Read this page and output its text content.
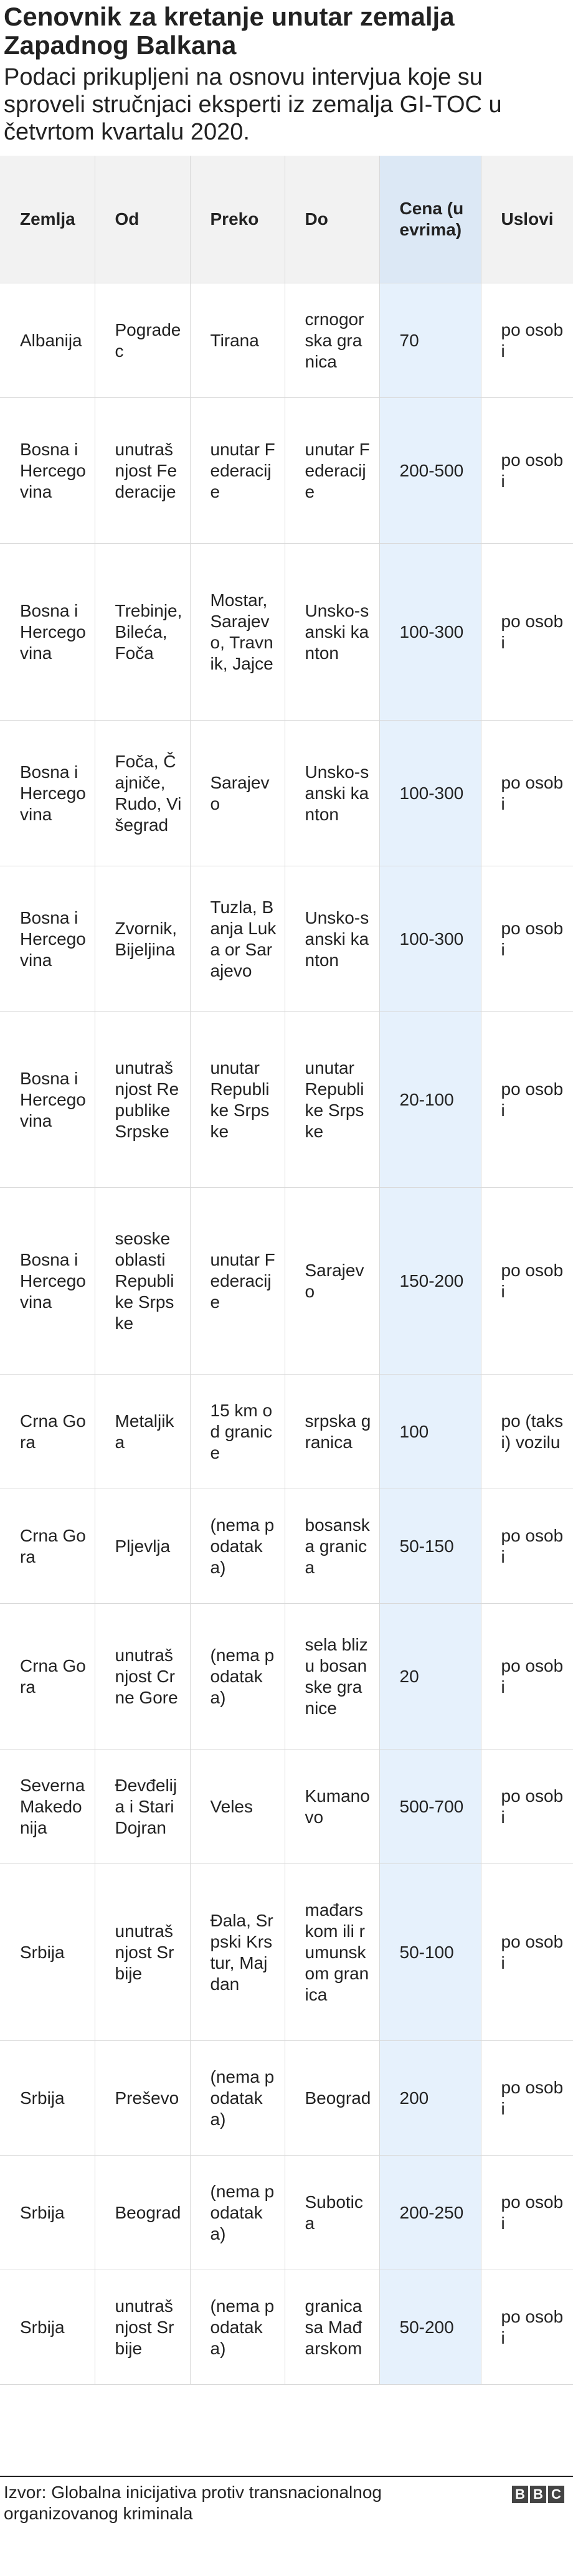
Cenovnik za kretanje unutar zemalja Zapadnog Balkana
Podaci prikupljeni na osnovu intervjua koje su sproveli stručnjaci eksperti iz zemalja GI-TOC u četvrtom kvartalu 2020.
Zemlja	Od	Preko	Do	Cena (u evrima)	Uslovi
Albanija	Pogradec	Tirana	crnogorska granica	70	po osobi
Bosna i Hercegovina	unutrašnjost Federacije	unutar Federacije	unutar Federacije	200-500	po osobi
Bosna i Hercegovina	Trebinje, Bileća, Foča	Mostar, Sarajevo, Travnik, Jajce	Unsko-sanski kanton	100-300	po osobi
Bosna i Hercegovina	Foča, Čajniče, Rudo, Višegrad	Sarajevo	Unsko-sanski kanton	100-300	po osobi
Bosna i Hercegovina	Zvornik, Bijeljina	Tuzla, Banja Luka or Sarajevo	Unsko-sanski kanton	100-300	po osobi
Bosna i Hercegovina	unutrašnjost Republike Srpske	unutar Republike Srpske	unutar Republike Srpske	20-100	po osobi
Bosna i Hercegovina	seoske oblasti Republike Srpske	unutar Federacije	Sarajevo	150-200	po osobi
Crna Gora	Metaljika	15 km od granice	srpska granica	100	po (taksi) vozilu
Crna Gora	Pljevlja	(nema podataka)	bosanska granica	50-150	po osobi
Crna Gora	unutrašnjost Crne Gore	(nema podataka)	sela blizu bosanske granice	20	po osobi
Severna Makedonija	Đevđelija i Stari Dojran	Veles	Kumanovo	500-700	po osobi
Srbija	unutrašnjost Srbije	Đala, Srpski Krstur, Majdan	mađarskom ili rumunskom granica	50-100	po osobi
Srbija	Preševo	(nema podataka)	Beograd	200	po osobi
Srbija	Beograd	(nema podataka)	Subotica	200-250	po osobi
Srbija	unutrašnjost Srbije	(nema podataka)	granica sa Mađarskom	50-200	po osobi
Izvor: Globalna inicijativa protiv transnacionalnog organizovanog kriminala
B B C
